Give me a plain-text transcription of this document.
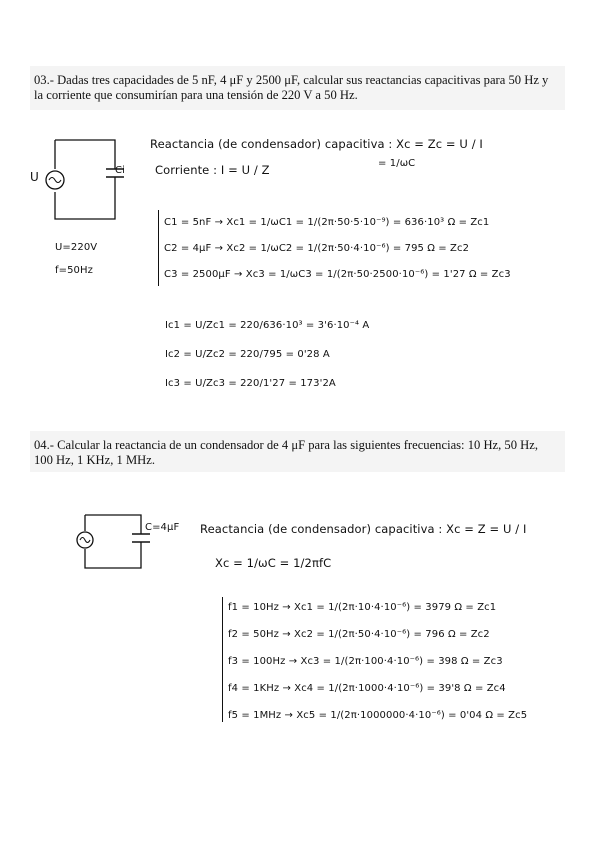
03.- Dadas tres capacidades de 5 nF, 4 μF y 2500 μF, calcular sus reactancias capacitivas para 50 Hz y la corriente que consumirían para una tensión de 220 V a 50 Hz.

U	Ci
U=220V
f=50Hz
Reactancia (de condensador) capacitiva : Xc = Zc = U / I
= 1/ωC
Corriente : I = U / Z
C1 = 5nF → Xc1 = 1/ωC1 = 1/(2π·50·5·10⁻⁹) = 636·10³ Ω = Zc1
C2 = 4μF → Xc2 = 1/ωC2 = 1/(2π·50·4·10⁻⁶) = 795 Ω = Zc2
C3 = 2500μF → Xc3 = 1/ωC3 = 1/(2π·50·2500·10⁻⁶) = 1'27 Ω = Zc3
Ic1 = U/Zc1 = 220/636·10³ = 3'6·10⁻⁴ A
Ic2 = U/Zc2 = 220/795 = 0'28 A
Ic3 = U/Zc3 = 220/1'27 = 173'2A

04.- Calcular la reactancia de un condensador de 4 μF para las siguientes frecuencias: 10 Hz, 50 Hz, 100 Hz, 1 KHz, 1 MHz.

C=4μF Reactancia (de condensador) capacitiva : Xc = Z = U / I
Xc = 1/ωC = 1/2πfC
f1 = 10Hz → Xc1 = 1/(2π·10·4·10⁻⁶) = 3979 Ω = Zc1
f2 = 50Hz → Xc2 = 1/(2π·50·4·10⁻⁶) = 796 Ω = Zc2
f3 = 100Hz → Xc3 = 1/(2π·100·4·10⁻⁶) = 398 Ω = Zc3
f4 = 1KHz → Xc4 = 1/(2π·1000·4·10⁻⁶) = 39'8 Ω = Zc4
f5 = 1MHz → Xc5 = 1/(2π·1000000·4·10⁻⁶) = 0'04 Ω = Zc5
